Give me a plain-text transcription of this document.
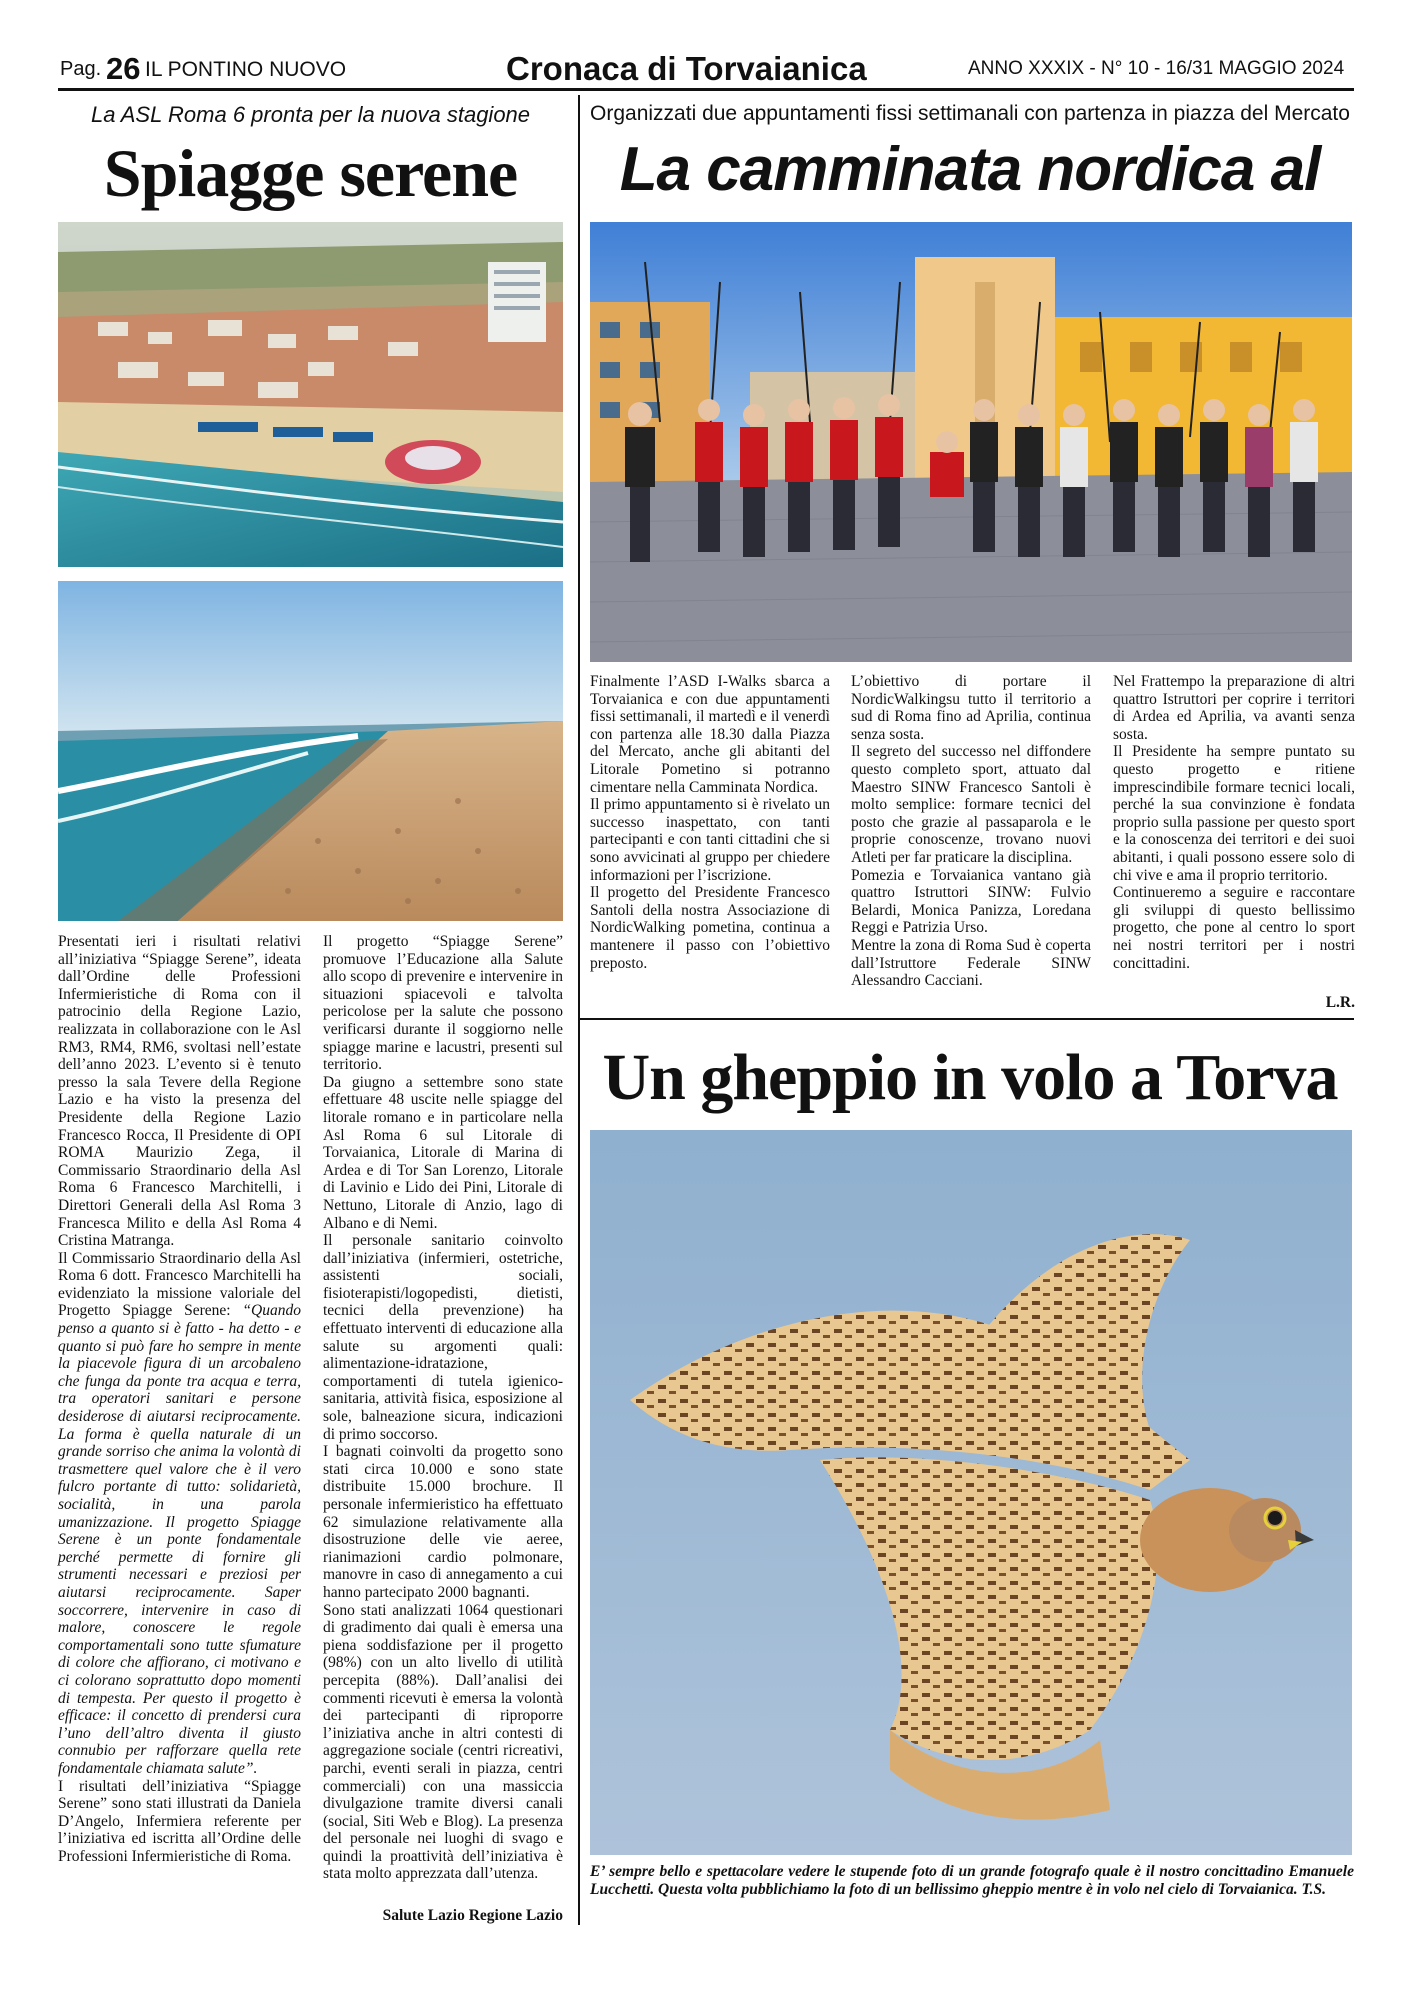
Pag. 26 IL PONTINO NUOVO	Cronaca di Torvaianica	ANNO XXXIX - N° 10 - 16/31 MAGGIO 2024
La ASL Roma 6 pronta per la nuova stagione
Spiagge serene

Presentati ieri i risultati relativi all’iniziativa “Spiagge Serene”, ideata dall’Ordine delle Professioni Infermieristiche di Roma con il patrocinio della Regione Lazio, realizzata in collaborazione con le Asl RM3, RM4, RM6, svoltasi nell’estate dell’anno 2023. L’evento si è tenuto presso la sala Tevere della Regione Lazio e ha visto la presenza del Presidente della Regione Lazio Francesco Rocca, Il Presidente di OPI ROMA Maurizio Zega, il Commissario Straordinario della Asl Roma 6 Francesco Marchitelli, i Direttori Generali della Asl Roma 3 Francesca Milito e della Asl Roma 4 Cristina Matranga.

Il Commissario Straordinario della Asl Roma 6 dott. Francesco Marchitelli ha evidenziato la missione valoriale del Progetto Spiagge Serene: “Quando penso a quanto si è fatto - ha detto - e quanto si può fare ho sempre in mente la piacevole figura di un arcobaleno che funga da ponte tra acqua e terra, tra operatori sanitari e persone desiderose di aiutarsi reciprocamente. La forma è quella naturale di un grande sorriso che anima la volontà di trasmettere quel valore che è il vero fulcro portante di tutto: solidarietà, socialità, in una parola umanizzazione. Il progetto Spiagge Serene è un ponte fondamentale perché permette di fornire gli strumenti necessari e preziosi per aiutarsi reciprocamente. Saper soccorrere, intervenire in caso di malore, conoscere le regole comportamentali sono tutte sfumature di colore che affiorano, ci motivano e ci colorano soprattutto dopo momenti di tempesta. Per questo il progetto è efficace: il concetto di prendersi cura l’uno dell’altro diventa il giusto connubio per rafforzare quella rete fondamentale chiamata salute”.

I risultati dell’iniziativa “Spiagge Serene” sono stati illustrati da Daniela D’Angelo, Infermiera referente per l’iniziativa ed iscritta all’Ordine delle Professioni Infermieristiche di Roma.

Il progetto “Spiagge Serene” promuove l’Educazione alla Salute allo scopo di prevenire e intervenire in situazioni spiacevoli e talvolta pericolose per la salute che possono verificarsi durante il soggiorno nelle spiagge marine e lacustri, presenti sul territorio.

Da giugno a settembre sono state effettuare 48 uscite nelle spiagge del litorale romano e in particolare nella Asl Roma 6 sul Litorale di Torvaianica, Litorale di Marina di Ardea e di Tor San Lorenzo, Litorale di Lavinio e Lido dei Pini, Litorale di Nettuno, Litorale di Anzio, lago di Albano e di Nemi.

Il personale sanitario coinvolto dall’iniziativa (infermieri, ostetriche, assistenti sociali, fisioterapisti/logopedisti, dietisti, tecnici della prevenzione) ha effettuato interventi di educazione alla salute su argomenti quali: alimentazione-idratazione, comportamenti di tutela igienico-sanitaria, attività fisica, esposizione al sole, balneazione sicura, indicazioni di primo soccorso.

I bagnati coinvolti da progetto sono stati circa 10.000 e sono state distribuite 15.000 brochure. Il personale infermieristico ha effettuato 62 simulazione relativamente alla disostruzione delle vie aeree, rianimazioni cardio polmonare, manovre in caso di annegamento a cui hanno partecipato 2000 bagnanti.

Sono stati analizzati 1064 questionari di gradimento dai quali è emersa una piena soddisfazione per il progetto (98%) con un alto livello di utilità percepita (88%). Dall’analisi dei commenti ricevuti è emersa la volontà dei partecipanti di riproporre l’iniziativa anche in altri contesti di aggregazione sociale (centri ricreativi, parchi, eventi serali in piazza, centri commerciali) con una massiccia divulgazione tramite diversi canali (social, Siti Web e Blog). La presenza del personale nei luoghi di svago e quindi la proattività dell’iniziativa è stata molto apprezzata dall’utenza.

Salute Lazio Regione Lazio
Organizzati due appuntamenti fissi settimanali con partenza in piazza del Mercato
La camminata nordica al

Finalmente l’ASD I-Walks sbarca a Torvaianica e con due appuntamenti fissi settimanali, il martedì e il venerdì con partenza alle 18.30 dalla Piazza del Mercato, anche gli abitanti del Litorale Pometino si potranno cimentare nella Camminata Nordica.

Il primo appuntamento si è rivelato un successo inaspettato, con tanti partecipanti e con tanti cittadini che si sono avvicinati al gruppo per chiedere informazioni per l’iscrizione.

Il progetto del Presidente Francesco Santoli della nostra Associazione di NordicWalking pometina, continua a mantenere il passo con l’obiettivo preposto.

L’obiettivo di portare il NordicWalkingsu tutto il territorio a sud di Roma fino ad Aprilia, continua senza sosta.

Il segreto del successo nel diffondere questo completo sport, attuato dal Maestro SINW Francesco Santoli è molto semplice: formare tecnici del posto che grazie al passaparola e le proprie conoscenze, trovano nuovi Atleti per far praticare la disciplina.

Pomezia e Torvaianica vantano già quattro Istruttori SINW: Fulvio Belardi, Monica Panizza, Loredana Reggi e Patrizia Urso.

Mentre la zona di Roma Sud è coperta dall’Istruttore Federale SINW Alessandro Cacciani.

Nel Frattempo la preparazione di altri quattro Istruttori per coprire i territori di Ardea ed Aprilia, va avanti senza sosta.

Il Presidente ha sempre puntato su questo progetto e ritiene imprescindibile formare tecnici locali, perché la sua convinzione è fondata proprio sulla passione per questo sport e la conoscenza dei territori e dei suoi abitanti, i quali possono essere solo di chi vive e ama il proprio territorio.

Continueremo a seguire e raccontare gli sviluppi di questo bellissimo progetto, che pone al centro lo sport nei nostri territori per i nostri concittadini.

L.R.
Un gheppio in volo a Torva
E’ sempre bello e spettacolare vedere le stupende foto di un grande fotografo quale è il nostro concittadino Emanuele Lucchetti. Questa volta pubblichiamo la foto di un bellissimo gheppio mentre è in volo nel cielo di Torvaianica. T.S.
